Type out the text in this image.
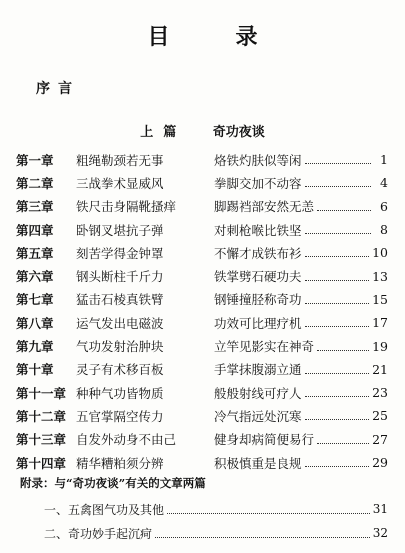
目　录
序言
上篇 奇功夜谈
第一章	粗绳勒颈若无事	烙铁灼肤似等闲	1
第二章	三战拳术显威风	拳脚交加不动容	4
第三章	铁尺击身隔靴搔痒	脚踢裆部安然无恙	6
第四章	卧钢叉堪抗子弹	对刺枪喉比铁坚	8
第五章	刻苦学得金钟罩	不懈才成铁布衫	10
第六章	钢头断柱千斤力	铁掌劈石硬功夫	13
第七章	猛击石棱真铁臂	钢锤撞胫称奇功	15
第八章	运气发出电磁波	功效可比理疗机	17
第九章	气功发射治肿块	立竿见影实在神奇	19
第十章	灵子有术移百板	手掌抹腹溺立通	21
第十一章 种种气功皆物质	般般射线可疗人	23
第十二章 五官掌隔空传力	冷气指远处沉寒	25
第十三章 自发外动身不由己	健身却病简便易行	27
第十四章 精华糟粕须分辨	积极慎重是良规	29
附录：与“奇功夜谈”有关的文章两篇
一、五禽图气功及其他	31
二、奇功妙手起沉疴	32
